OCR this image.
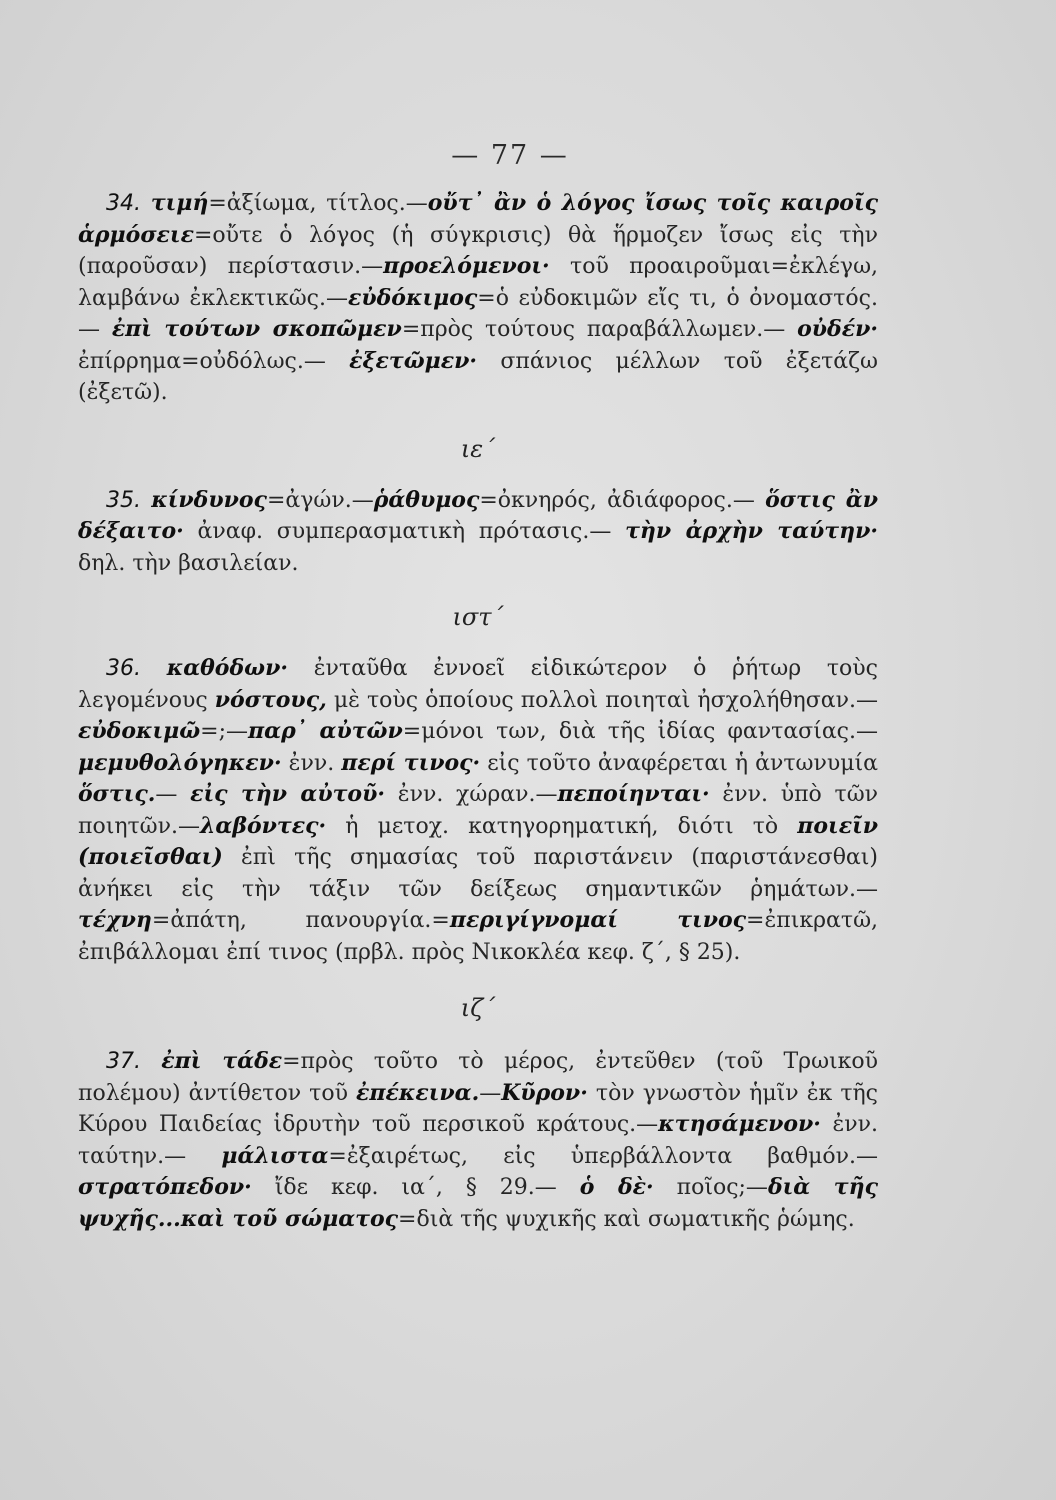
— 77 —

34. τιμή=ἀξίωμα, τίτλος.—οὔτ᾽ ἂν ὁ λόγος ἴσως τοῖς καιροῖς ἁρμόσειε=οὔτε ὁ λόγος (ἡ σύγκρισις) θὰ ἥρμοζεν ἴσως εἰς τὴν (παροῦσαν) περίστασιν.—προελόμενοι· τοῦ προαιροῦμαι=ἐκλέγω, λαμβάνω ἐκλεκτικῶς.—εὐδόκιμος=ὁ εὐδοκιμῶν εἴς τι, ὁ ὀνομαστός.— ἐπὶ τούτων σκοπῶμεν=πρὸς τούτους παραβάλλωμεν.— οὐδέν· ἐπίρρημα=οὐδόλως.— ἐξετῶμεν· σπάνιος μέλλων τοῦ ἐξετάζω (ἐξετῶ).

ιε΄

35. κίνδυνος=ἀγών.—ῥάθυμος=ὀκνηρός, ἀδιάφορος.— ὅστις ἂν δέξαιτο· ἀναφ. συμπερασματικὴ πρότασις.— τὴν ἀρχὴν ταύτην· δηλ. τὴν βασιλείαν.

ιστ΄

36. καθόδων· ἐνταῦθα ἐννοεῖ εἰδικώτερον ὁ ῥήτωρ τοὺς λεγομένους νόστους, μὲ τοὺς ὁποίους πολλοὶ ποιηταὶ ἠσχολήθησαν.—εὐδοκιμῶ=;—παρ᾽ αὐτῶν=μόνοι των, διὰ τῆς ἰδίας φαντασίας.—μεμυθολόγηκεν· ἐνν. περί τινος· εἰς τοῦτο ἀναφέρεται ἡ ἀντωνυμία ὅστις.— εἰς τὴν αὐτοῦ· ἐνν. χώραν.—πεποίηνται· ἐνν. ὑπὸ τῶν ποιητῶν.—λαβόντες· ἡ μετοχ. κατηγορηματική, διότι τὸ ποιεῖν (ποιεῖσθαι) ἐπὶ τῆς σημασίας τοῦ παριστάνειν (παριστάνεσθαι) ἀνήκει εἰς τὴν τάξιν τῶν δείξεως σημαντικῶν ῥημάτων.— τέχνη=ἀπάτη, πανουργία.=περιγίγνομαί τινος=ἐπικρατῶ, ἐπιβάλλομαι ἐπί τινος (πρβλ. πρὸς Νικοκλέα κεφ. ζ΄, § 25).

ιζ΄

37. ἐπὶ τάδε=πρὸς τοῦτο τὸ μέρος, ἐντεῦθεν (τοῦ Τρωικοῦ πολέμου) ἀντίθετον τοῦ ἐπέκεινα.—Κῦρον· τὸν γνωστὸν ἡμῖν ἐκ τῆς Κύρου Παιδείας ἱδρυτὴν τοῦ περσικοῦ κράτους.—κτησάμενον· ἐνν. ταύτην.— μάλιστα=ἐξαιρέτως, εἰς ὑπερβάλλοντα βαθμόν.—στρατόπεδον· ἴδε κεφ. ια΄, § 29.— ὁ δὲ· ποῖος;—διὰ τῆς ψυχῆς...καὶ τοῦ σώματος=διὰ τῆς ψυχικῆς καὶ σωματικῆς ῥώμης.
